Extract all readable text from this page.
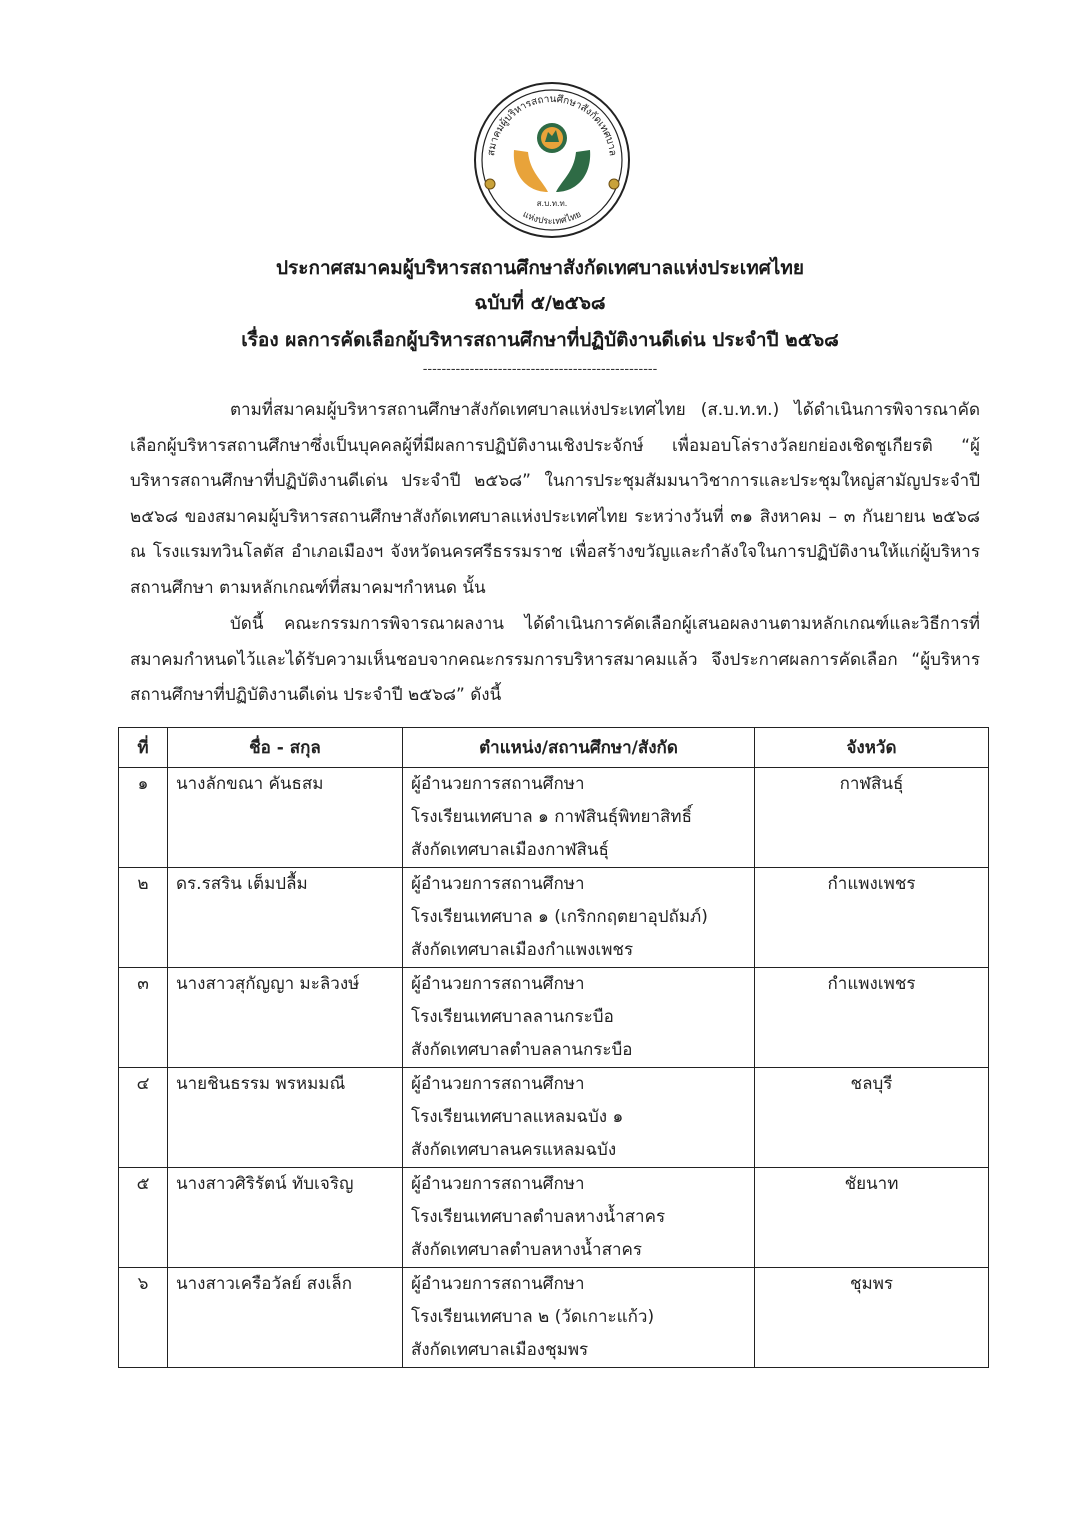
สมาคมผู้บริหารสถานศึกษาสังกัดเทศบาล
แห่งประเทศไทย
ส.บ.ท.ท.
ประกาศสมาคมผู้บริหารสถานศึกษาสังกัดเทศบาลแห่งประเทศไทย
ฉบับที่ ๕/๒๕๖๘
เรื่อง ผลการคัดเลือกผู้บริหารสถานศึกษาที่ปฏิบัติงานดีเด่น ประจำปี ๒๕๖๘
--------------------------------------------------
ตามที่สมาคมผู้บริหารสถานศึกษาสังกัดเทศบาลแห่งประเทศไทย (ส.บ.ท.ท.) ได้ดำเนินการพิจารณาคัดเลือกผู้บริหารสถานศึกษาซึ่งเป็นบุคคลผู้ที่มีผลการปฏิบัติงานเชิงประจักษ์ เพื่อมอบโล่รางวัลยกย่องเชิดชูเกียรติ “ผู้บริหารสถานศึกษาที่ปฏิบัติงานดีเด่น ประจำปี ๒๕๖๘” ในการประชุมสัมมนาวิชาการและประชุมใหญ่สามัญประจำปี ๒๕๖๘ ของสมาคมผู้บริหารสถานศึกษาสังกัดเทศบาลแห่งประเทศไทย ระหว่างวันที่ ๓๑ สิงหาคม – ๓ กันยายน ๒๕๖๘ ณ โรงแรมทวินโลตัส อำเภอเมืองฯ จังหวัดนครศรีธรรมราช เพื่อสร้างขวัญและกำลังใจในการปฏิบัติงานให้แก่ผู้บริหารสถานศึกษา ตามหลักเกณฑ์ที่สมาคมฯกำหนด นั้น
บัดนี้ คณะกรรมการพิจารณาผลงาน ได้ดำเนินการคัดเลือกผู้เสนอผลงานตามหลักเกณฑ์และวิธีการที่สมาคมกำหนดไว้และได้รับความเห็นชอบจากคณะกรรมการบริหารสมาคมแล้ว จึงประกาศผลการคัดเลือก “ผู้บริหารสถานศึกษาที่ปฏิบัติงานดีเด่น ประจำปี ๒๕๖๘” ดังนี้
ที่	ชื่อ - สกุล	ตำแหน่ง/สถานศึกษา/สังกัด	จังหวัด

๑	นางลักขณา คันธสม	ผู้อำนวยการสถานศึกษา
โรงเรียนเทศบาล ๑ กาฬสินธุ์พิทยาสิทธิ์
สังกัดเทศบาลเมืองกาฬสินธุ์	กาฬสินธุ์

๒	ดร.รสริน เต็มปลื้ม	ผู้อำนวยการสถานศึกษา
โรงเรียนเทศบาล ๑ (เกริกกฤตยาอุปถัมภ์)
สังกัดเทศบาลเมืองกำแพงเพชร	กำแพงเพชร

๓	นางสาวสุกัญญา มะลิวงษ์	ผู้อำนวยการสถานศึกษา
โรงเรียนเทศบาลลานกระบือ
สังกัดเทศบาลตำบลลานกระบือ	กำแพงเพชร

๔	นายชินธรรม พรหมมณี	ผู้อำนวยการสถานศึกษา
โรงเรียนเทศบาลแหลมฉบัง ๑
สังกัดเทศบาลนครแหลมฉบัง	ชลบุรี

๕	นางสาวศิริรัตน์ ทับเจริญ	ผู้อำนวยการสถานศึกษา
โรงเรียนเทศบาลตำบลหางน้ำสาคร
สังกัดเทศบาลตำบลหางน้ำสาคร	ชัยนาท

๖	นางสาวเครือวัลย์ สงเล็ก	ผู้อำนวยการสถานศึกษา
โรงเรียนเทศบาล ๒ (วัดเกาะแก้ว)
สังกัดเทศบาลเมืองชุมพร	ชุมพร
